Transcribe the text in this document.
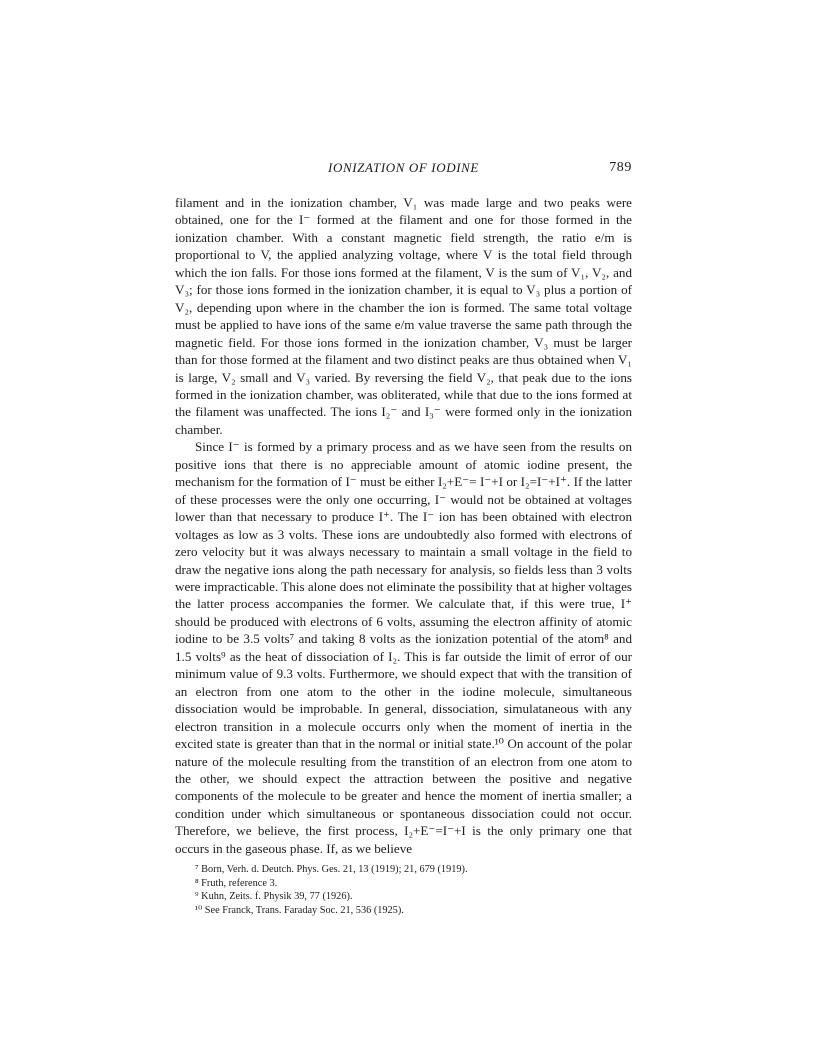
IONIZATION OF IODINE	789

filament and in the ionization chamber, V₁ was made large and two peaks were obtained, one for the I⁻ formed at the filament and one for those formed in the ionization chamber. With a constant magnetic field strength, the ratio e/m is proportional to V, the applied analyzing voltage, where V is the total field through which the ion falls. For those ions formed at the filament, V is the sum of V₁, V₂, and V₃; for those ions formed in the ionization chamber, it is equal to V₃ plus a portion of V₂, depending upon where in the chamber the ion is formed. The same total voltage must be applied to have ions of the same e/m value traverse the same path through the magnetic field. For those ions formed in the ionization chamber, V₃ must be larger than for those formed at the filament and two distinct peaks are thus obtained when V₁ is large, V₂ small and V₃ varied. By reversing the field V₂, that peak due to the ions formed in the ionization chamber, was obliterated, while that due to the ions formed at the filament was unaffected. The ions I₂⁻ and I₃⁻ were formed only in the ionization chamber.

Since I⁻ is formed by a primary process and as we have seen from the results on positive ions that there is no appreciable amount of atomic iodine present, the mechanism for the formation of I⁻ must be either I₂+E⁻= I⁻+I or I₂=I⁻+I⁺. If the latter of these processes were the only one occurring, I⁻ would not be obtained at voltages lower than that necessary to produce I⁺. The I⁻ ion has been obtained with electron voltages as low as 3 volts. These ions are undoubtedly also formed with electrons of zero velocity but it was always necessary to maintain a small voltage in the field to draw the negative ions along the path necessary for analysis, so fields less than 3 volts were impracticable. This alone does not eliminate the possibility that at higher voltages the latter process accompanies the former. We calculate that, if this were true, I⁺ should be produced with electrons of 6 volts, assuming the electron affinity of atomic iodine to be 3.5 volts⁷ and taking 8 volts as the ionization potential of the atom⁸ and 1.5 volts⁹ as the heat of dissociation of I₂. This is far outside the limit of error of our minimum value of 9.3 volts. Furthermore, we should expect that with the transition of an electron from one atom to the other in the iodine molecule, simultaneous dissociation would be improbable. In general, dissociation, simulataneous with any electron transition in a molecule occurrs only when the moment of inertia in the excited state is greater than that in the normal or initial state.¹⁰ On account of the polar nature of the molecule resulting from the transtition of an electron from one atom to the other, we should expect the attraction between the positive and negative components of the molecule to be greater and hence the moment of inertia smaller; a condition under which simultaneous or spontaneous dissociation could not occur. Therefore, we believe, the first process, I₂+E⁻=I⁻+I is the only primary one that occurs in the gaseous phase. If, as we believe

⁷ Born, Verh. d. Deutch. Phys. Ges. 21, 13 (1919); 21, 679 (1919).

⁸ Fruth, reference 3.

⁹ Kuhn, Zeits. f. Physik 39, 77 (1926).

¹⁰ See Franck, Trans. Faraday Soc. 21, 536 (1925).
